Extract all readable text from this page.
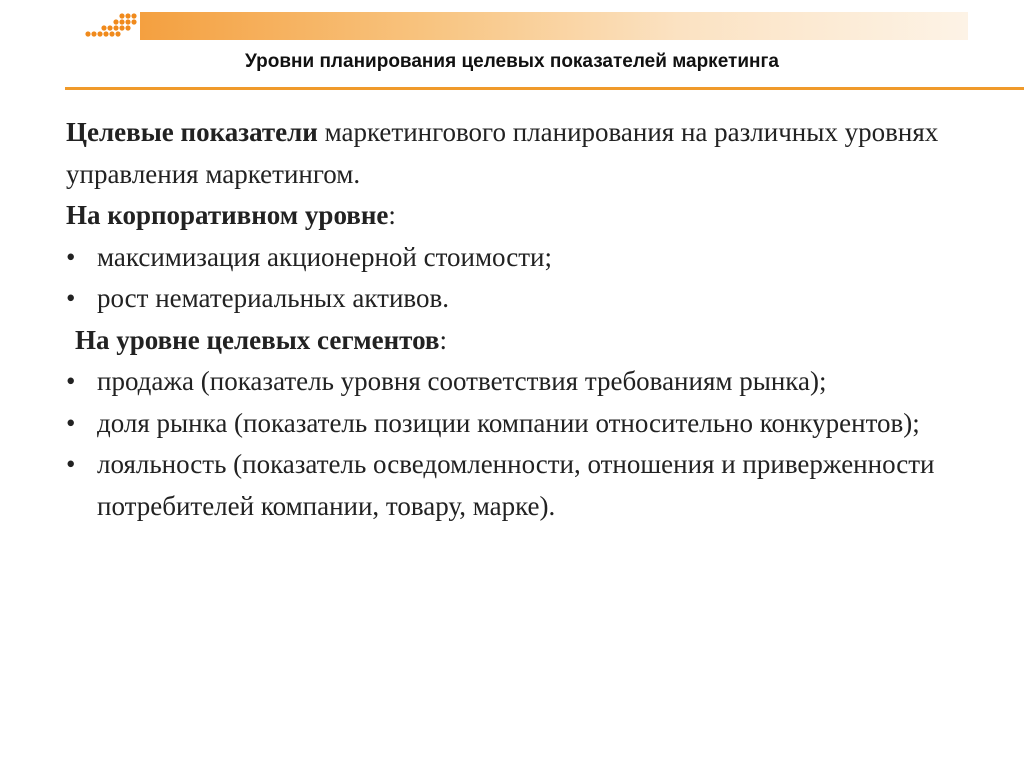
Уровни планирования целевых показателей маркетинга

Целевые показатели маркетингового планирования на различных уровнях управления маркетингом.

На корпоративном уровне:

• максимизация акционерной стоимости;
• рост нематериальных активов.

На уровне целевых сегментов:

• продажа (показатель уровня соответствия требованиям рынка);
• доля рынка (показатель позиции компании относительно конкурентов);
• лояльность (показатель осведомленности, отношения и приверженности потребителей компании, товару, марке).
